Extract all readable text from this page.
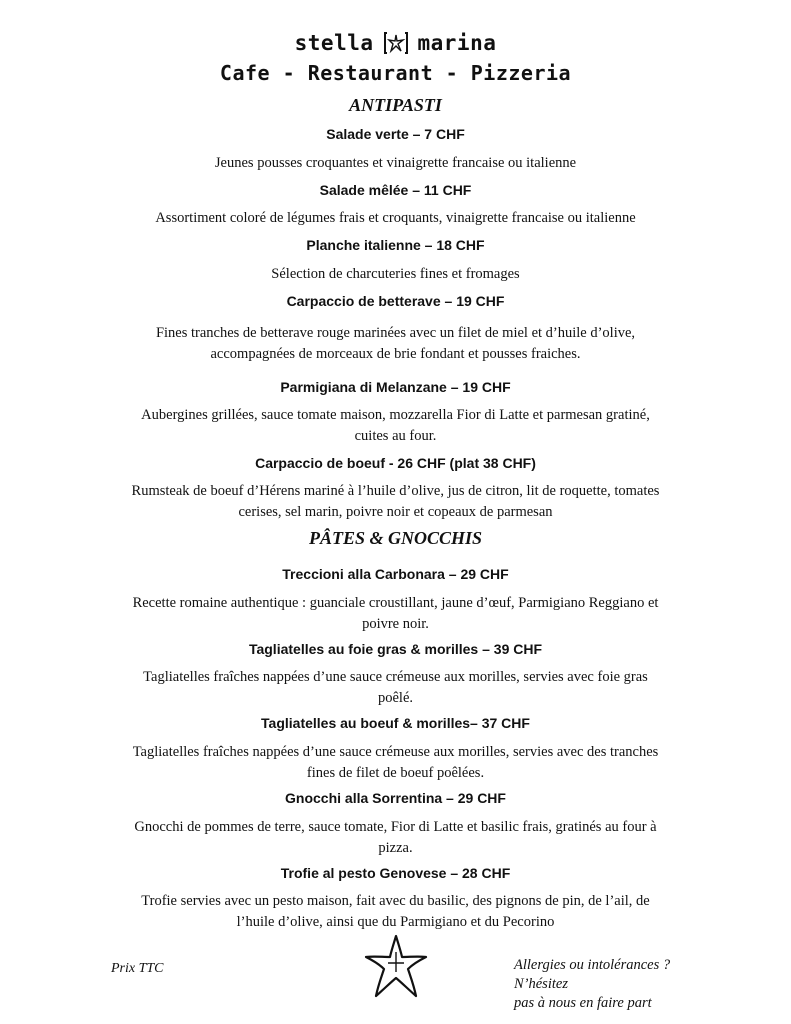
stella marina
Cafe - Restaurant - Pizzeria
ANTIPASTI
Salade verte – 7 CHF
Jeunes pousses croquantes et vinaigrette francaise ou italienne
Salade mêlée – 11 CHF
Assortiment coloré de légumes frais et croquants, vinaigrette francaise ou italienne
Planche italienne – 18 CHF
Sélection de charcuteries fines et fromages
Carpaccio de betterave – 19 CHF
Fines tranches de betterave rouge marinées avec un filet de miel et d’huile d’olive,
accompagnées de morceaux de brie fondant et pousses fraiches.
Parmigiana di Melanzane – 19 CHF
Aubergines grillées, sauce tomate maison, mozzarella Fior di Latte et parmesan gratiné,
cuites au four.
Carpaccio de boeuf - 26 CHF (plat 38 CHF)
Rumsteak de boeuf d’Hérens mariné à l’huile d’olive, jus de citron, lit de roquette, tomates
cerises, sel marin, poivre noir et copeaux de parmesan
PÂTES & GNOCCHIS
Treccioni alla Carbonara – 29 CHF
Recette romaine authentique : guanciale croustillant, jaune d’œuf, Parmigiano Reggiano et
poivre noir.
Tagliatelles au foie gras & morilles – 39 CHF
Tagliatelles fraîches nappées d’une sauce crémeuse aux morilles, servies avec foie gras
poêlé.
Tagliatelles au boeuf & morilles– 37 CHF
Tagliatelles fraîches nappées d’une sauce crémeuse aux morilles, servies avec des tranches
fines de filet de boeuf poêlées.
Gnocchi alla Sorrentina – 29 CHF
Gnocchi de pommes de terre, sauce tomate, Fior di Latte et basilic frais, gratinés au four à
pizza.
Trofie al pesto Genovese – 28 CHF
Trofie servies avec un pesto maison, fait avec du basilic, des pignons de pin, de l’ail, de
l’huile d’olive, ainsi que du Parmigiano et du Pecorino
Prix TTC	Allergies ou intolérances ? N’hésitez
pas à nous en faire part
